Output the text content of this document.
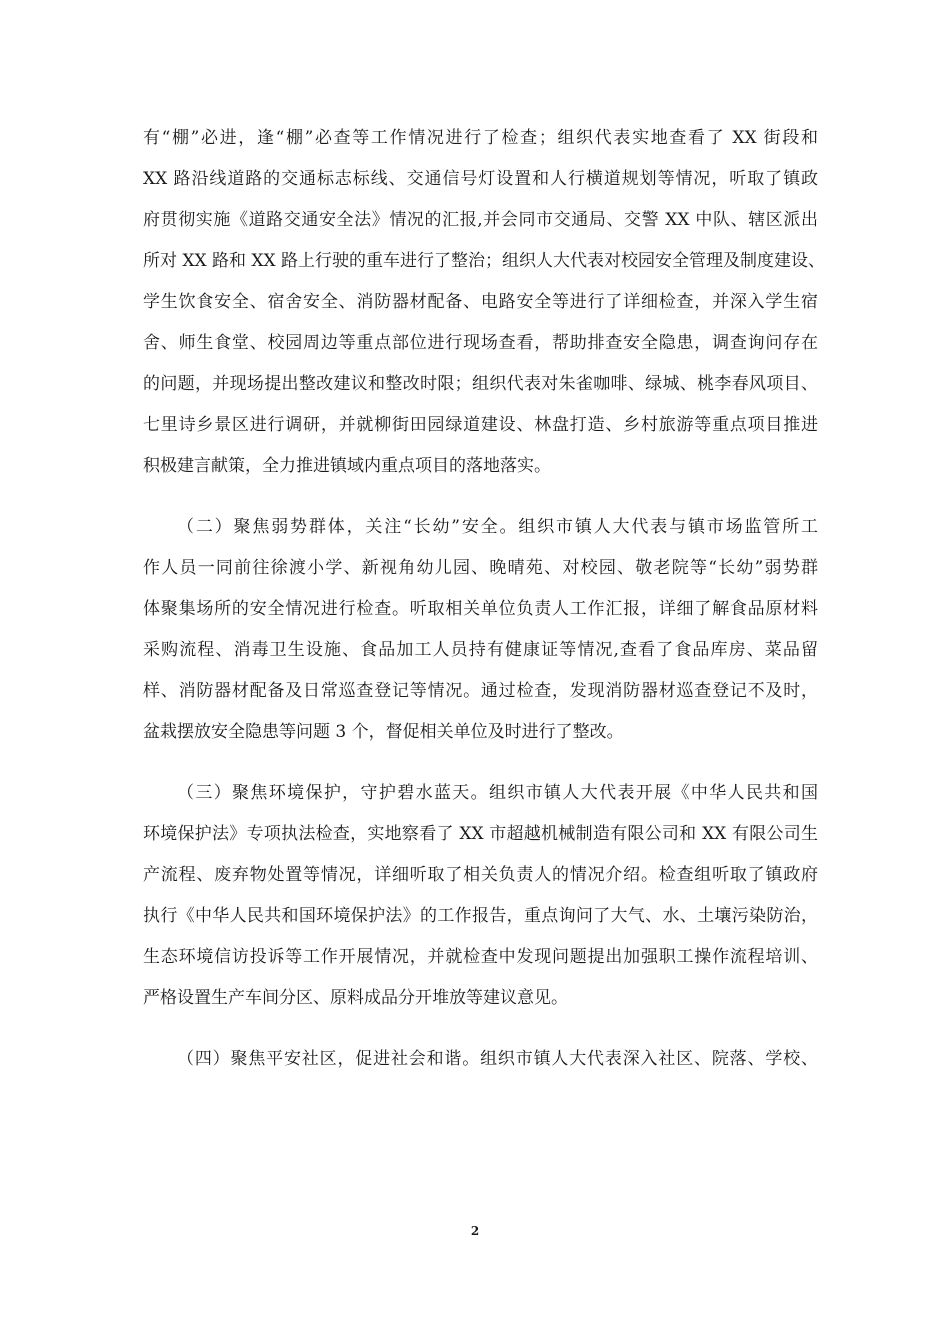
有“棚”必进，逢“棚”必查等工作情况进行了检查；组织代表实地查看了 XX 街段和
XX 路沿线道路的交通标志标线、交通信号灯设置和人行横道规划等情况，听取了镇政
府贯彻实施《道路交通安全法》情况的汇报,并会同市交通局、交警 XX 中队、辖区派出
所对 XX 路和 XX 路上行驶的重车进行了整治；组织人大代表对校园安全管理及制度建设、
学生饮食安全、宿舍安全、消防器材配备、电路安全等进行了详细检查，并深入学生宿
舍、师生食堂、校园周边等重点部位进行现场查看，帮助排查安全隐患，调查询问存在
的问题，并现场提出整改建议和整改时限；组织代表对朱雀咖啡、绿城、桃李春风项目、
七里诗乡景区进行调研，并就柳街田园绿道建设、林盘打造、乡村旅游等重点项目推进
积极建言献策，全力推进镇域内重点项目的落地落实。
（二）聚焦弱势群体，关注“长幼”安全。组织市镇人大代表与镇市场监管所工
作人员一同前往徐渡小学、新视角幼儿园、晚晴苑、对校园、敬老院等“长幼”弱势群
体聚集场所的安全情况进行检查。听取相关单位负责人工作汇报，详细了解食品原材料
采购流程、消毒卫生设施、食品加工人员持有健康证等情况,查看了食品库房、菜品留
样、消防器材配备及日常巡查登记等情况。通过检查，发现消防器材巡查登记不及时，
盆栽摆放安全隐患等问题 3 个，督促相关单位及时进行了整改。
（三）聚焦环境保护，守护碧水蓝天。组织市镇人大代表开展《中华人民共和国
环境保护法》专项执法检查，实地察看了 XX 市超越机械制造有限公司和 XX 有限公司生
产流程、废弃物处置等情况，详细听取了相关负责人的情况介绍。检查组听取了镇政府
执行《中华人民共和国环境保护法》的工作报告，重点询问了大气、水、土壤污染防治，
生态环境信访投诉等工作开展情况，并就检查中发现问题提出加强职工操作流程培训、
严格设置生产车间分区、原料成品分开堆放等建议意见。
（四）聚焦平安社区，促进社会和谐。组织市镇人大代表深入社区、院落、学校、
2
